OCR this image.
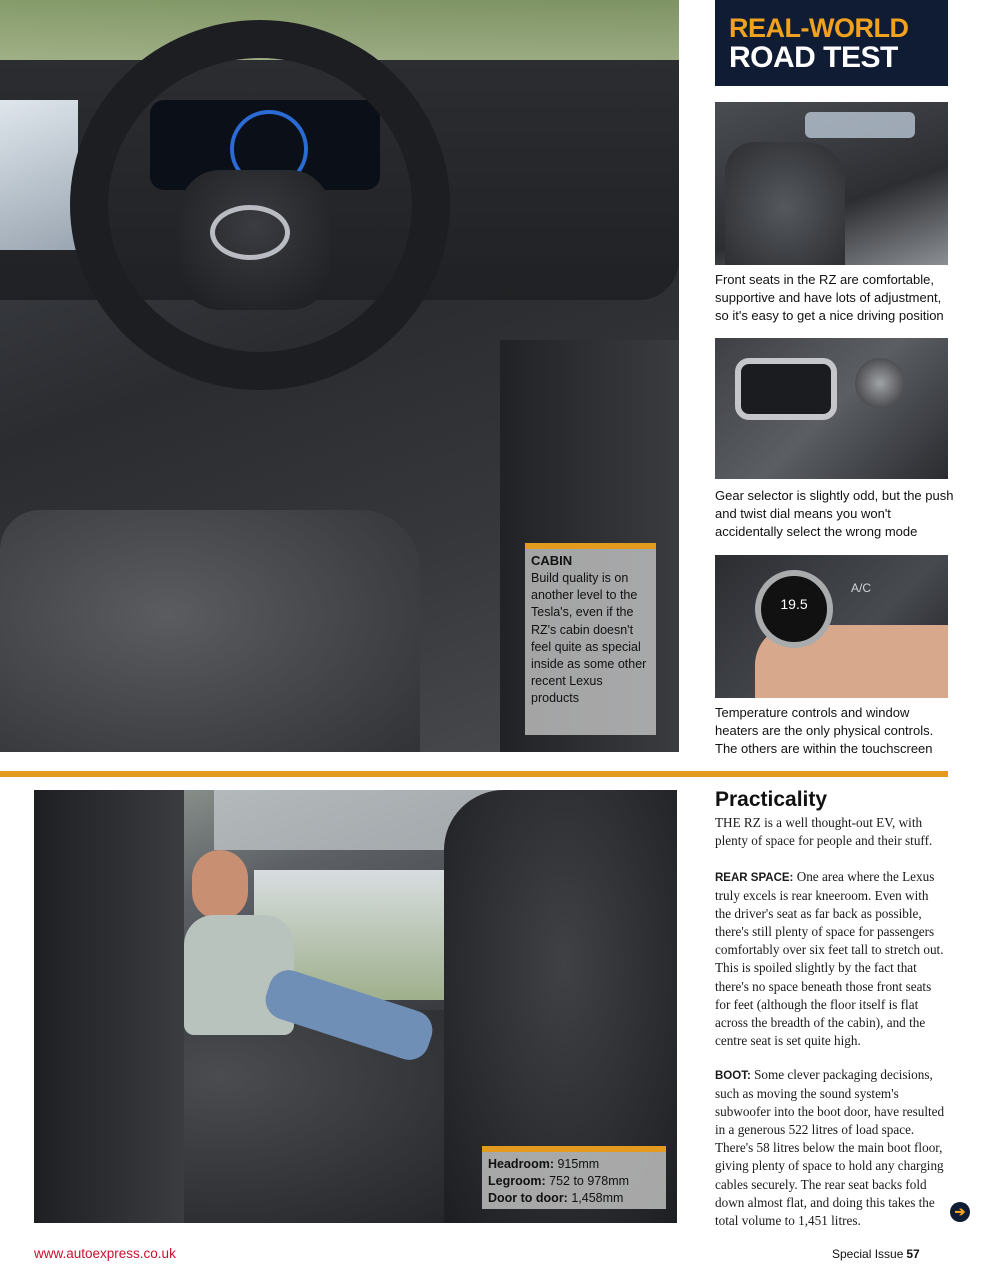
CABIN

Build quality is on another level to the Tesla's, even if the RZ's cabin doesn't feel quite as special inside as some other recent Lexus products

REAL-WORLD
ROAD TEST

Front seats in the RZ are comfortable, supportive and have lots of adjustment, so it's easy to get a nice driving position

Gear selector is slightly odd, but the push and twist dial means you won't accidentally select the wrong mode

19.5
A/C

Temperature controls and window heaters are the only physical controls. The others are within the touchscreen

Headroom: 915mm
Legroom: 752 to 978mm
Door to door: 1,458mm
Practicality

THE RZ is a well thought-out EV, with plenty of space for people and their stuff.

REAR SPACE: One area where the Lexus truly excels is rear kneeroom. Even with the driver's seat as far back as possible, there's still plenty of space for passengers comfortably over six feet tall to stretch out. This is spoiled slightly by the fact that there's no space beneath those front seats for feet (although the floor itself is flat across the breadth of the cabin), and the centre seat is set quite high.

BOOT: Some clever packaging decisions, such as moving the sound system's subwoofer into the boot door, have resulted in a generous 522 litres of load space. There's 58 litres below the main boot floor, giving plenty of space to hold any charging cables securely. The rear seat backs fold down almost flat, and doing this takes the total volume to 1,451 litres.

➔
www.autoexpress.co.uk	Special Issue 57
